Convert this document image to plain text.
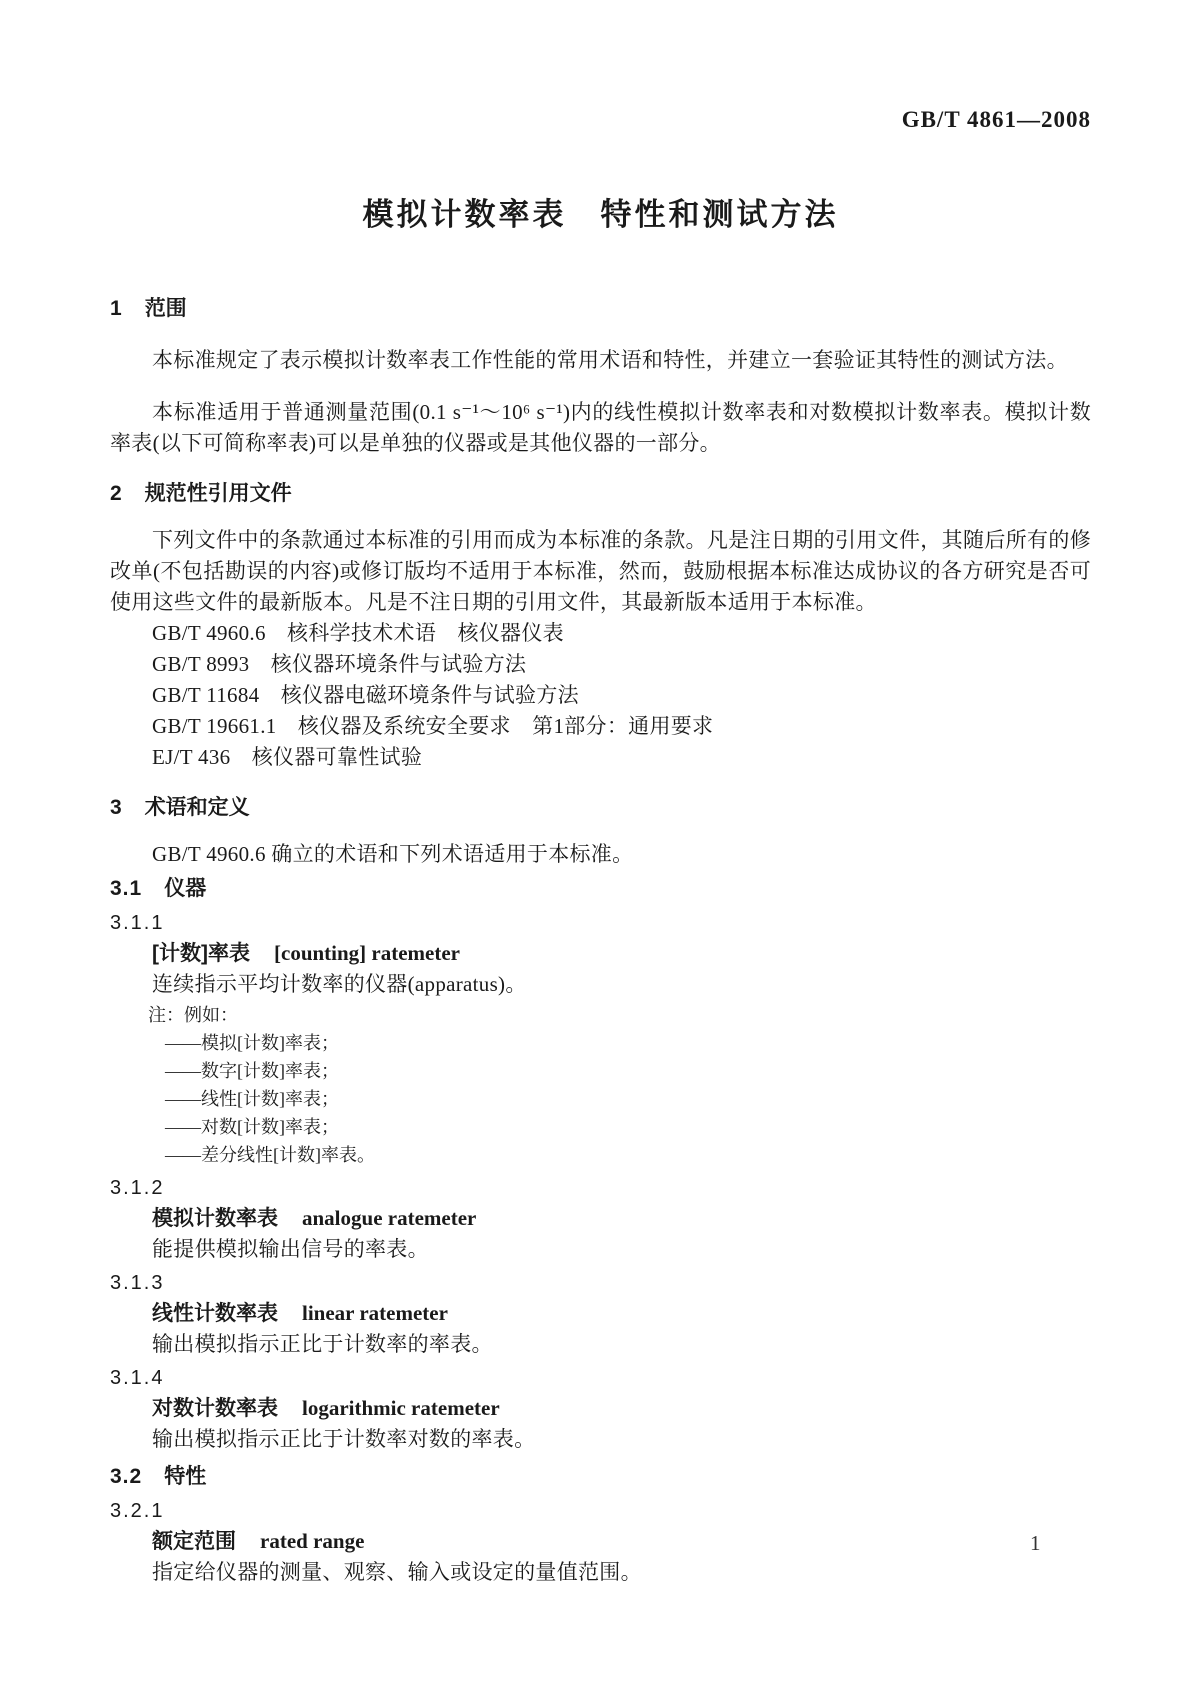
GB/T 4861—2008
模拟计数率表　特性和测试方法
1 范围

本标准规定了表示模拟计数率表工作性能的常用术语和特性，并建立一套验证其特性的测试方法。

本标准适用于普通测量范围(0.1 s⁻¹～10⁶ s⁻¹)内的线性模拟计数率表和对数模拟计数率表。模拟计数率表(以下可简称率表)可以是单独的仪器或是其他仪器的一部分。

2 规范性引用文件

下列文件中的条款通过本标准的引用而成为本标准的条款。凡是注日期的引用文件，其随后所有的修改单(不包括勘误的内容)或修订版均不适用于本标准，然而，鼓励根据本标准达成协议的各方研究是否可使用这些文件的最新版本。凡是不注日期的引用文件，其最新版本适用于本标准。

GB/T 4960.6　核科学技术术语　核仪器仪表
GB/T 8993　核仪器环境条件与试验方法
GB/T 11684　核仪器电磁环境条件与试验方法
GB/T 19661.1　核仪器及系统安全要求　第1部分：通用要求
EJ/T 436　核仪器可靠性试验
3 术语和定义

GB/T 4960.6 确立的术语和下列术语适用于本标准。

3.1 仪器
3.1.1
[计数]率表 [counting] ratemeter
连续指示平均计数率的仪器(apparatus)。
注：例如：
——模拟[计数]率表；
——数字[计数]率表；
——线性[计数]率表；
——对数[计数]率表；
——差分线性[计数]率表。
3.1.2
模拟计数率表 analogue ratemeter
能提供模拟输出信号的率表。
3.1.3
线性计数率表 linear ratemeter
输出模拟指示正比于计数率的率表。
3.1.4
对数计数率表 logarithmic ratemeter
输出模拟指示正比于计数率对数的率表。
3.2 特性
3.2.1
额定范围 rated range
指定给仪器的测量、观察、输入或设定的量值范围。
1
